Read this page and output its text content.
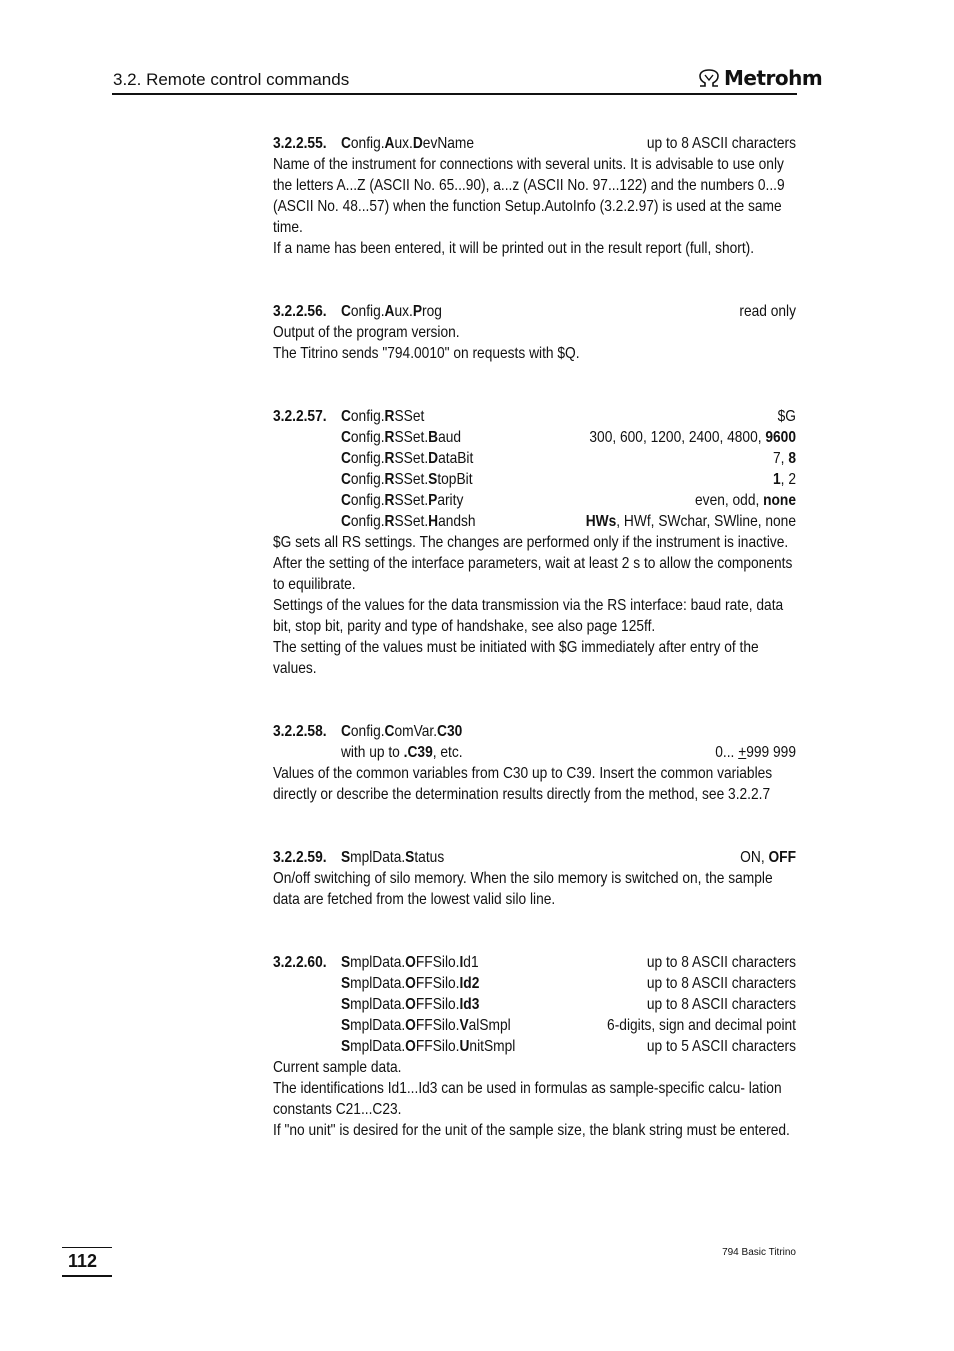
3.2. Remote control commands	Metrohm
3.2.2.55. Config.Aux.DevName	up to 8 ASCII characters

Name of the instrument for connections with several units. It is advisable to use only the letters A...Z (ASCII No. 65...90), a...z (ASCII No. 97...122) and the numbers 0...9 (ASCII No. 48...57) when the function Setup.AutoInfo (3.2.2.97) is used at the same time.

If a name has been entered, it will be printed out in the result report (full, short).

3.2.2.56. Config.Aux.Prog	read only

Output of the program version.

The Titrino sends "794.0010" on requests with $Q.

3.2.2.57. Config.RSSet	$G
Config.RSSet.Baud	300, 600, 1200, 2400, 4800, 9600
Config.RSSet.DataBit	7, 8
Config.RSSet.StopBit	1, 2
Config.RSSet.Parity	even, odd, none
Config.RSSet.Handsh	HWs, HWf, SWchar, SWline, none

$G sets all RS settings. The changes are performed only if the instrument is inactive. After the setting of the interface parameters, wait at least 2 s to allow the components to equilibrate.

Settings of the values for the data transmission via the RS interface: baud rate, data bit, stop bit, parity and type of handshake, see also page 125ff.

The setting of the values must be initiated with $G immediately after entry of the values.

3.2.2.58. Config.ComVar.C30
with up to .C39, etc.	0... +999 999

Values of the common variables from C30 up to C39. Insert the common variables directly or describe the determination results directly from the method, see 3.2.2.7

3.2.2.59. SmplData.Status	ON, OFF

On/off switching of silo memory. When the silo memory is switched on, the sample data are fetched from the lowest valid silo line.

3.2.2.60. SmplData.OFFSilo.Id1	up to 8 ASCII characters
SmplData.OFFSilo.Id2	up to 8 ASCII characters
SmplData.OFFSilo.Id3	up to 8 ASCII characters
SmplData.OFFSilo.ValSmpl	6-digits, sign and decimal point
SmplData.OFFSilo.UnitSmpl	up to 5 ASCII characters

Current sample data.

The identifications Id1...Id3 can be used in formulas as sample-specific calcu- lation constants C21...C23.

If "no unit" is desired for the unit of the sample size, the blank string must be entered.

112	794 Basic Titrino
